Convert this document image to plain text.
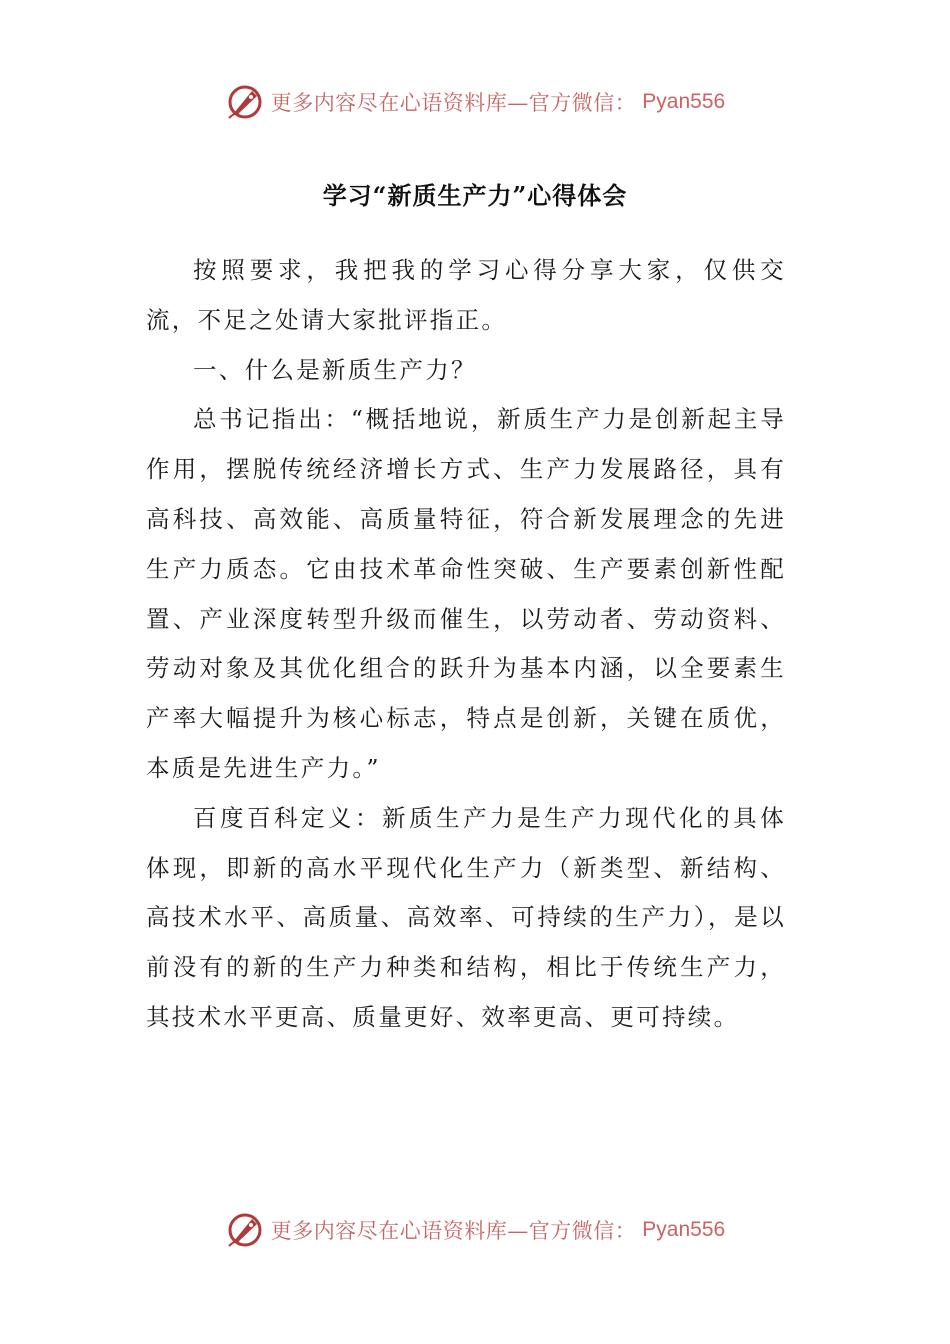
更多内容尽在心语资料库—官方微信： Pyan556
学习“新质生产力”心得体会

按照要求，我把我的学习心得分享大家，仅供交流，不足之处请大家批评指正。

一、什么是新质生产力？

总书记指出：“概括地说，新质生产力是创新起主导作用，摆脱传统经济增长方式、生产力发展路径，具有高科技、高效能、高质量特征，符合新发展理念的先进生产力质态。它由技术革命性突破、生产要素创新性配置、产业深度转型升级而催生，以劳动者、劳动资料、劳动对象及其优化组合的跃升为基本内涵，以全要素生产率大幅提升为核心标志，特点是创新，关键在质优，本质是先进生产力。”

百度百科定义：新质生产力是生产力现代化的具体体现，即新的高水平现代化生产力（新类型、新结构、高技术水平、高质量、高效率、可持续的生产力），是以前没有的新的生产力种类和结构，相比于传统生产力，其技术水平更高、质量更好、效率更高、更可持续。

更多内容尽在心语资料库—官方微信： Pyan556
